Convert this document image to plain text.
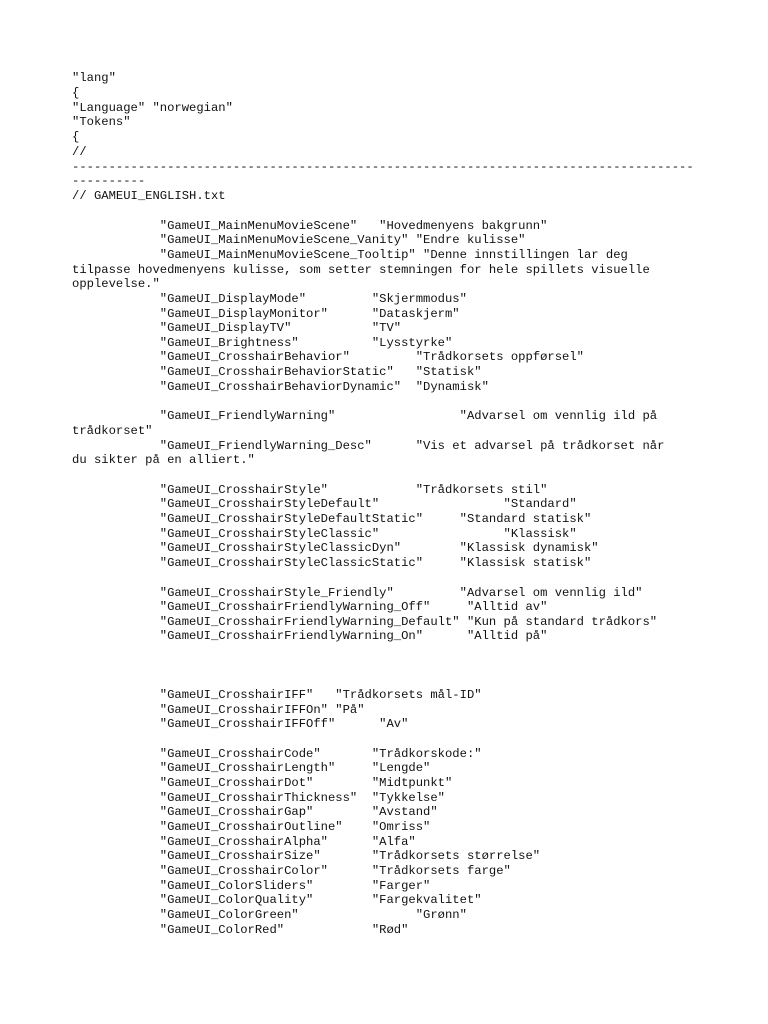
"lang"

{

"Language" "norwegian"

"Tokens"

{

//

-------------------------------------------------------------------------------------

----------

// GAMEUI_ENGLISH.txt

"GameUI_MainMenuMovieScene"   "Hovedmenyens bakgrunn"

"GameUI_MainMenuMovieScene_Vanity" "Endre kulisse"

"GameUI_MainMenuMovieScene_Tooltip" "Denne innstillingen lar deg

tilpasse hovedmenyens kulisse, som setter stemningen for hele spillets visuelle

opplevelse."

"GameUI_DisplayMode"         "Skjermmodus"

"GameUI_DisplayMonitor"      "Dataskjerm"

"GameUI_DisplayTV"           "TV"

"GameUI_Brightness"          "Lysstyrke"

"GameUI_CrosshairBehavior"         "Trådkorsets oppførsel"

"GameUI_CrosshairBehaviorStatic"   "Statisk"

"GameUI_CrosshairBehaviorDynamic"  "Dynamisk"

"GameUI_FriendlyWarning"                 "Advarsel om vennlig ild på

trådkorset"

"GameUI_FriendlyWarning_Desc"      "Vis et advarsel på trådkorset når

du sikter på en alliert."

"GameUI_CrosshairStyle"            "Trådkorsets stil"

"GameUI_CrosshairStyleDefault"                 "Standard"

"GameUI_CrosshairStyleDefaultStatic"     "Standard statisk"

"GameUI_CrosshairStyleClassic"                 "Klassisk"

"GameUI_CrosshairStyleClassicDyn"        "Klassisk dynamisk"

"GameUI_CrosshairStyleClassicStatic"     "Klassisk statisk"

"GameUI_CrosshairStyle_Friendly"         "Advarsel om vennlig ild"

"GameUI_CrosshairFriendlyWarning_Off"     "Alltid av"

"GameUI_CrosshairFriendlyWarning_Default" "Kun på standard trådkors"

"GameUI_CrosshairFriendlyWarning_On"      "Alltid på"

"GameUI_CrosshairIFF"   "Trådkorsets mål-ID"

"GameUI_CrosshairIFFOn" "På"

"GameUI_CrosshairIFFOff"      "Av"

"GameUI_CrosshairCode"       "Trådkorskode:"

"GameUI_CrosshairLength"     "Lengde"

"GameUI_CrosshairDot"        "Midtpunkt"

"GameUI_CrosshairThickness"  "Tykkelse"

"GameUI_CrosshairGap"        "Avstand"

"GameUI_CrosshairOutline"    "Omriss"

"GameUI_CrosshairAlpha"      "Alfa"

"GameUI_CrosshairSize"       "Trådkorsets størrelse"

"GameUI_CrosshairColor"      "Trådkorsets farge"

"GameUI_ColorSliders"        "Farger"

"GameUI_ColorQuality"        "Fargekvalitet"

"GameUI_ColorGreen"                "Grønn"

"GameUI_ColorRed"            "Rød"
